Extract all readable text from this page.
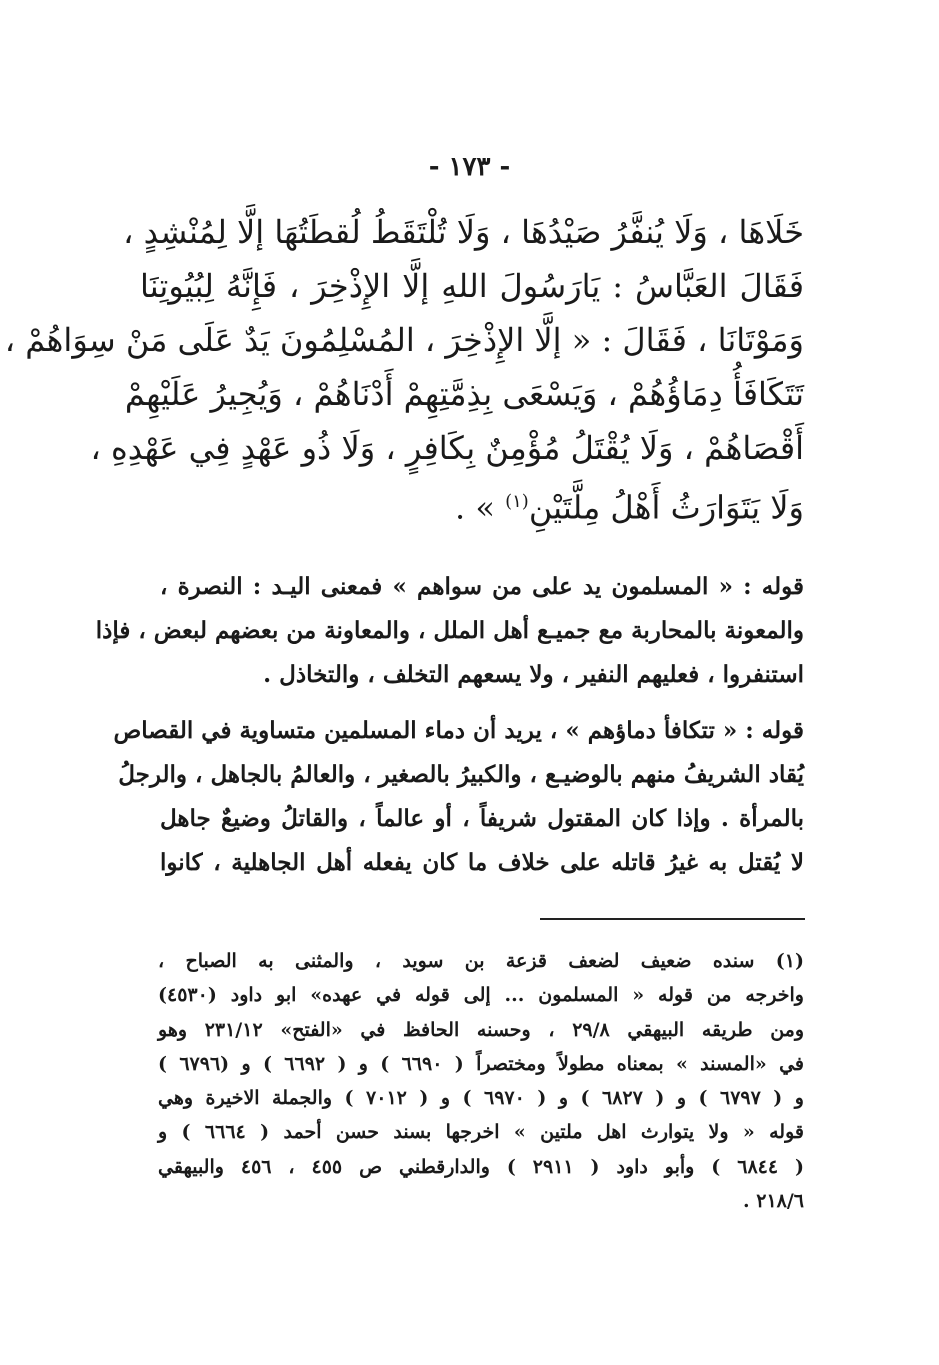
- ١٧٣ -
خَلَاهَا ، وَلَا يُنفَّرُ صَيْدُهَا ، وَلَا تُلْتَقَطُ لُقطَتُهَا إلَّا لِمُنْشِدٍ ،
فَقَالَ العَبَّاسُ : يَارَسُولَ اللهِ إلَّا الإِذْخِرَ ، فَإِنَّهُ لِبُيُوتِنَا
وَمَوْتَانَا ، فَقَالَ : « إلَّا الإِذْخِرَ ، المُسْلِمُونَ يَدٌ عَلَى مَنْ سِوَاهُمْ ،
تَتَكَافَأُ دِمَاؤُهُمْ ، وَيَسْعَى بِذِمَّتِهِمْ أَدْنَاهُمْ ، وَيُجِيرُ عَلَيْهِمْ
أَقْصَاهُمْ ، وَلَا يُقْتَلُ مُؤْمِنٌ بِكَافِرٍ ، وَلَا ذُو عَهْدٍ فِي عَهْدِهِ ،
وَلَا يَتَوَارَثُ أَهْلُ مِلَّتَيْنِ$^{(١)}$ » .
قوله : « المسلمون يد على من سواهم » فمعنى اليـد : النصرة ،
والمعونة بالمحاربة مع جميـع أهل الملل ، والمعاونة من بعضهم لبعض ، فإذا
استنفروا ، فعليهم النفير ، ولا يسعهم التخلف ، والتخاذل .
قوله : « تتكافأ دماؤهم » ، يريد أن دماء المسلمين متساوية في القصاص
يُقاد الشريفُ منهم بالوضيـع ، والكبيرُ بالصغير ، والعالمُ بالجاهل ، والرجلُ
بالمرأة . وإذا كان المقتول شريفاً ، أو عالماً ، والقاتلُ وضيعٌ جاهل
لا يُقتل به غيرُ قاتله على خلاف ما كان يفعله أهل الجاهلية ، كانوا
(١) سنده ضعيف لضعف قزعة بن سويد ، والمثنى به الصباح ،
واخرجه من قوله « المسلمون ... إلى قوله في عهده» ابو داود (٤٥٣٠)
ومن طريقه البيهقي ٢٩/٨ ، وحسنه الحافظ في «الفتح» ٢٣١/١٢ وهو
في «المسند » بمعناه مطولاً ومختصراً ( ٦٦٩٠ ) و ( ٦٦٩٢ ) و (٦٧٩٦ )
و ( ٦٧٩٧ ) و ( ٦٨٢٧ ) و ( ٦٩٧٠ ) و ( ٧٠١٢ ) والجملة الاخيرة وهي
قوله « ولا يتوارث اهل ملتين » اخرجها بسند حسن أحمد ( ٦٦٦٤ ) و
( ٦٨٤٤ ) وأبو داود ( ٢٩١١ ) والدارقطني ص ٤٥٥ ، ٤٥٦ والبيهقي
٢١٨/٦ .
